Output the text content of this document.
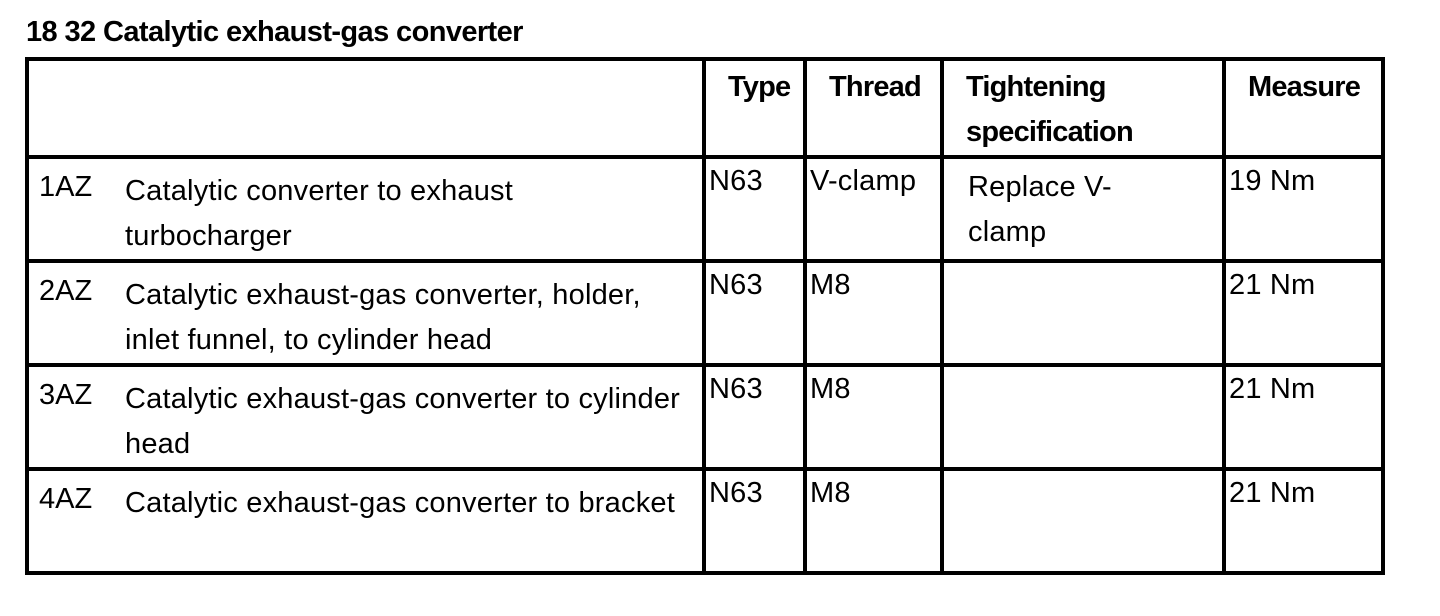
18 32 Catalytic exhaust-gas converter

	Type	Thread	Tightening specification	Measure

1AZ Catalytic converter to exhaust turbocharger	N63	V-clamp	Replace V-clamp	19 Nm

2AZ Catalytic exhaust-gas converter, holder, inlet funnel, to cylinder head	N63	M8		21 Nm

3AZ Catalytic exhaust-gas converter to cylinder head	N63	M8		21 Nm

4AZ Catalytic exhaust-gas converter to bracket	N63	M8		21 Nm
